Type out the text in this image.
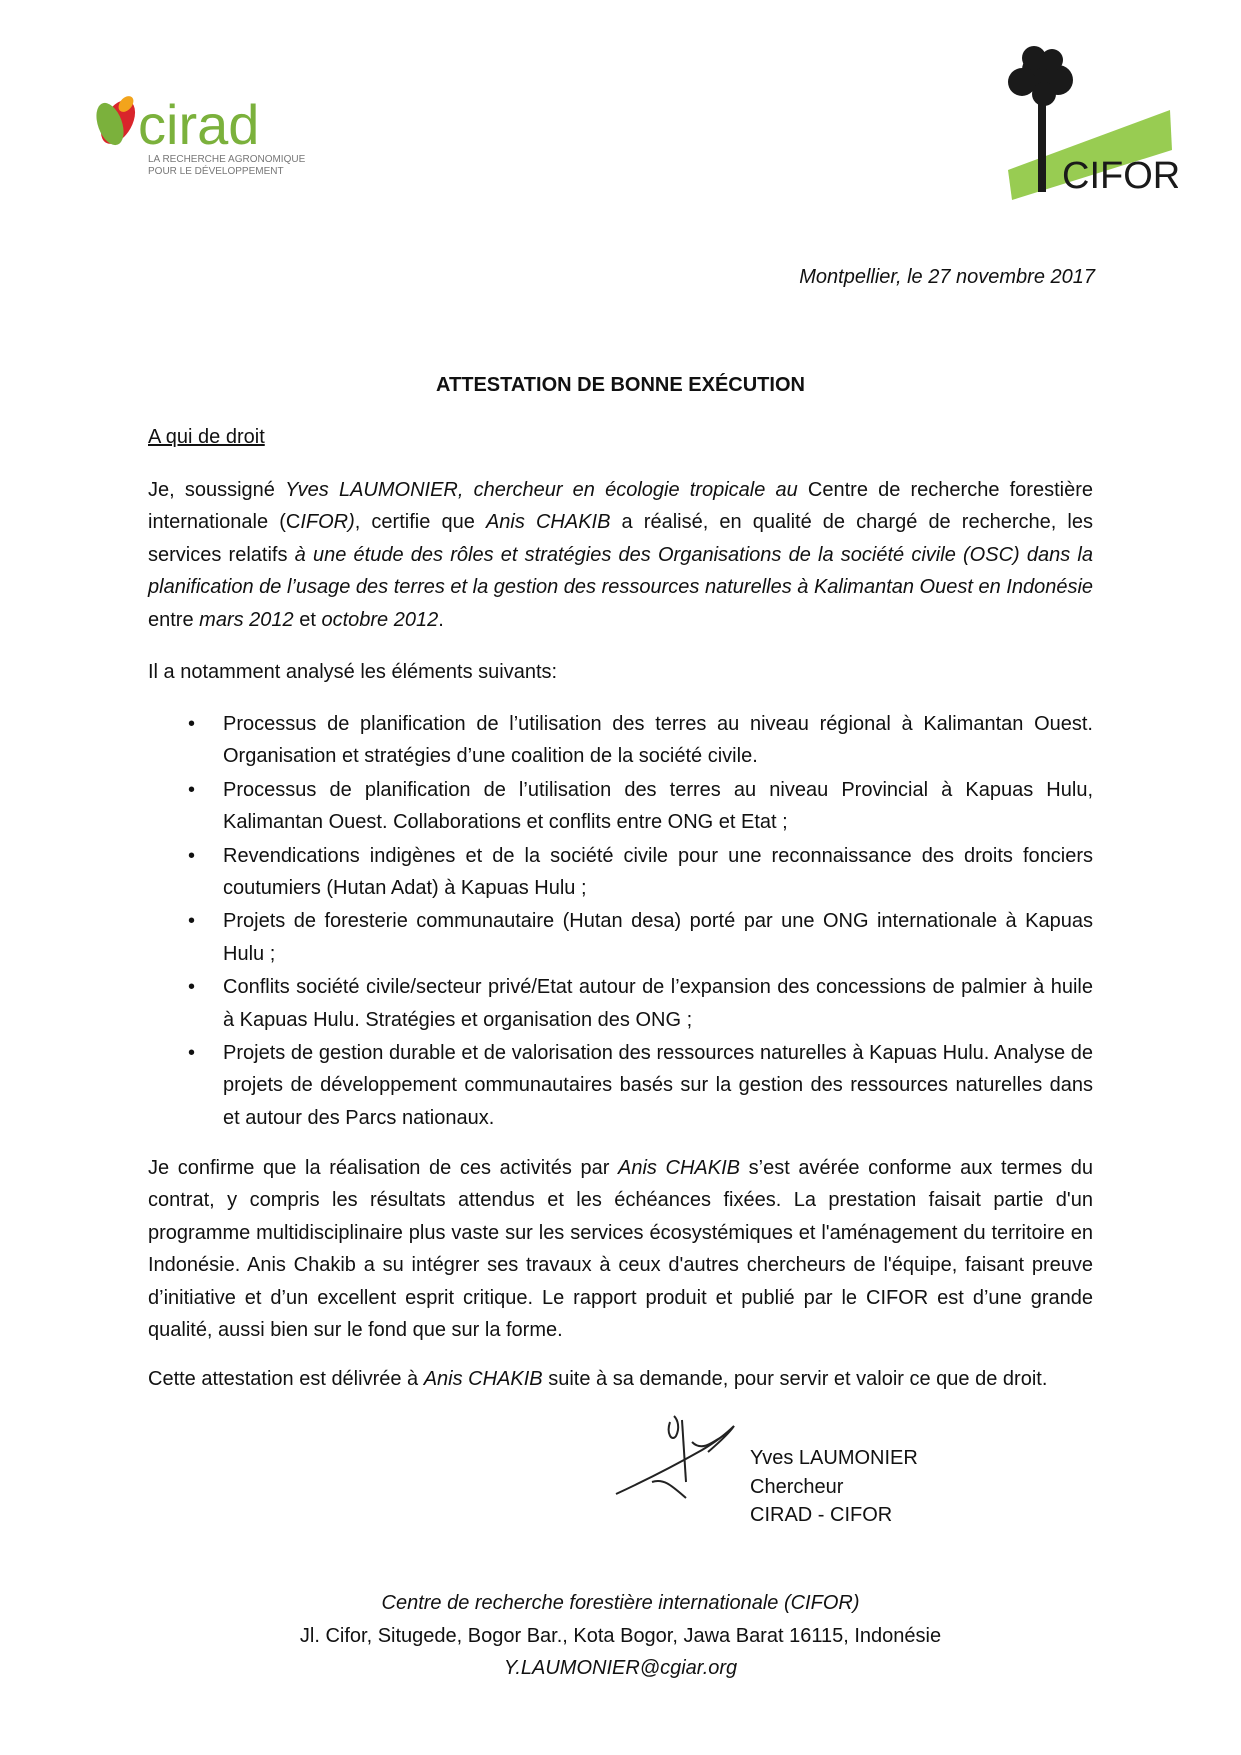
cirad
LA RECHERCHE AGRONOMIQUE
POUR LE DÉVELOPPEMENT	CIFOR
Montpellier, le 27 novembre 2017
ATTESTATION DE BONNE EXÉCUTION
A qui de droit
Je, soussigné Yves LAUMONIER, chercheur en écologie tropicale au Centre de recherche forestière internationale (CIFOR), certifie que Anis CHAKIB a réalisé, en qualité de chargé de recherche, les services relatifs à une étude des rôles et stratégies des Organisations de la société civile (OSC) dans la planification de l’usage des terres et la gestion des ressources naturelles à Kalimantan Ouest en Indonésie entre mars 2012 et octobre 2012.
Il a notamment analysé les éléments suivants:
• Processus de planification de l’utilisation des terres au niveau régional à Kalimantan Ouest. Organisation et stratégies d’une coalition de la société civile.
• Processus de planification de l’utilisation des terres au niveau Provincial à Kapuas Hulu, Kalimantan Ouest. Collaborations et conflits entre ONG et Etat ;
• Revendications indigènes et de la société civile pour une reconnaissance des droits fonciers coutumiers (Hutan Adat) à Kapuas Hulu ;
• Projets de foresterie communautaire (Hutan desa) porté par une ONG internationale à Kapuas Hulu ;
• Conflits société civile/secteur privé/Etat autour de l’expansion des concessions de palmier à huile à Kapuas Hulu. Stratégies et organisation des ONG ;
• Projets de gestion durable et de valorisation des ressources naturelles à Kapuas Hulu. Analyse de projets de développement communautaires basés sur la gestion des ressources naturelles dans et autour des Parcs nationaux.
Je confirme que la réalisation de ces activités par Anis CHAKIB s’est avérée conforme aux termes du contrat, y compris les résultats attendus et les échéances fixées. La prestation faisait partie d'un programme multidisciplinaire plus vaste sur les services écosystémiques et l'aménagement du territoire en Indonésie. Anis Chakib a su intégrer ses travaux à ceux d'autres chercheurs de l'équipe, faisant preuve d’initiative et d’un excellent esprit critique. Le rapport produit et publié par le CIFOR est d’une grande qualité, aussi bien sur le fond que sur la forme.
Cette attestation est délivrée à Anis CHAKIB suite à sa demande, pour servir et valoir ce que de droit.
Yves LAUMONIER
Chercheur
CIRAD - CIFOR
Centre de recherche forestière internationale (CIFOR)
Jl. Cifor, Situgede, Bogor Bar., Kota Bogor, Jawa Barat 16115, Indonésie
Y.LAUMONIER@cgiar.org
